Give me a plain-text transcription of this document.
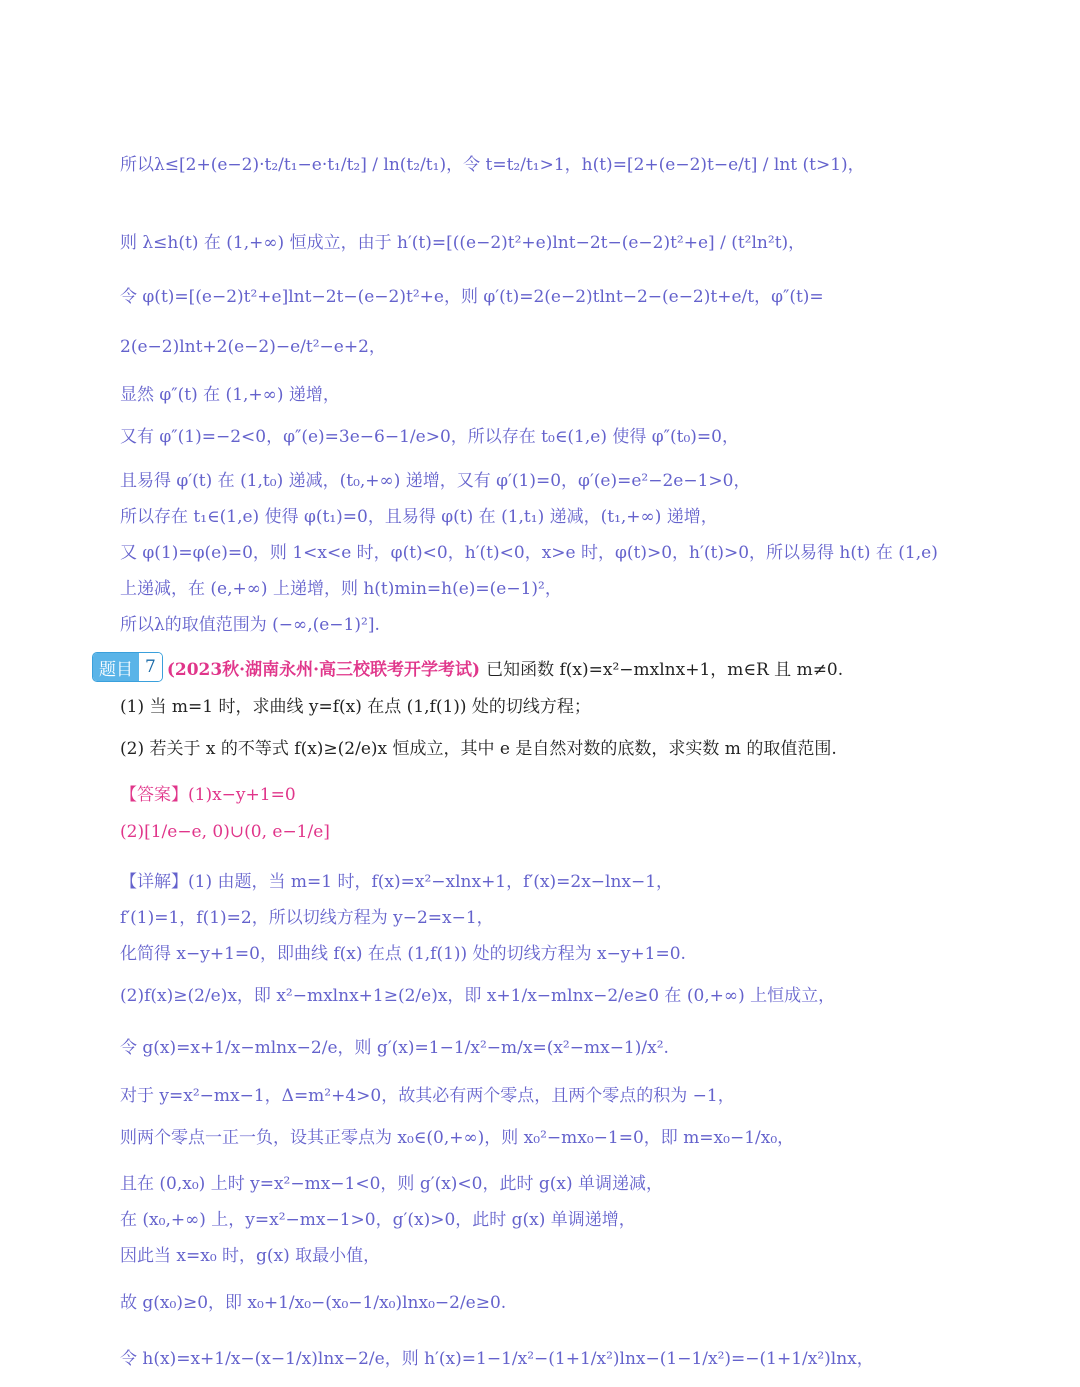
所以λ≤[2+(e−2)·t₂/t₁−e·t₁/t₂] / ln(t₂/t₁)，令 t=t₂/t₁>1，h(t)=[2+(e−2)t−e/t] / lnt (t>1)，
则 λ≤h(t) 在 (1,+∞) 恒成立，由于 h′(t)=[((e−2)t²+e)lnt−2t−(e−2)t²+e] / (t²ln²t)，
令 φ(t)=[(e−2)t²+e]lnt−2t−(e−2)t²+e，则 φ′(t)=2(e−2)tlnt−2−(e−2)t+e/t，φ″(t)=
2(e−2)lnt+2(e−2)−e/t²−e+2，
显然 φ″(t) 在 (1,+∞) 递增，
又有 φ″(1)=−2<0，φ″(e)=3e−6−1/e>0，所以存在 t₀∈(1,e) 使得 φ″(t₀)=0，
且易得 φ′(t) 在 (1,t₀) 递减，(t₀,+∞) 递增，又有 φ′(1)=0，φ′(e)=e²−2e−1>0，
所以存在 t₁∈(1,e) 使得 φ(t₁)=0，且易得 φ(t) 在 (1,t₁) 递减，(t₁,+∞) 递增，
又 φ(1)=φ(e)=0，则 1<x<e 时，φ(t)<0，h′(t)<0，x>e 时，φ(t)>0，h′(t)>0，所以易得 h(t) 在 (1,e)
上递减，在 (e,+∞) 上递增，则 h(t)min=h(e)=(e−1)²，
所以λ的取值范围为 (−∞,(e−1)²].
题目 7 (2023秋·湖南永州·高三校联考开学考试) 已知函数 f(x)=x²−mxlnx+1，m∈R 且 m≠0.
(1) 当 m=1 时，求曲线 y=f(x) 在点 (1,f(1)) 处的切线方程；
(2) 若关于 x 的不等式 f(x)≥(2/e)x 恒成立，其中 e 是自然对数的底数，求实数 m 的取值范围.
【答案】(1)x−y+1=0
(2)[1/e−e, 0)∪(0, e−1/e]
【详解】(1) 由题，当 m=1 时，f(x)=x²−xlnx+1，f′(x)=2x−lnx−1，
f′(1)=1，f(1)=2，所以切线方程为 y−2=x−1，
化简得 x−y+1=0，即曲线 f(x) 在点 (1,f(1)) 处的切线方程为 x−y+1=0.
(2)f(x)≥(2/e)x，即 x²−mxlnx+1≥(2/e)x，即 x+1/x−mlnx−2/e≥0 在 (0,+∞) 上恒成立，
令 g(x)=x+1/x−mlnx−2/e，则 g′(x)=1−1/x²−m/x=(x²−mx−1)/x².
对于 y=x²−mx−1，Δ=m²+4>0，故其必有两个零点，且两个零点的积为 −1，
则两个零点一正一负，设其正零点为 x₀∈(0,+∞)，则 x₀²−mx₀−1=0，即 m=x₀−1/x₀，
且在 (0,x₀) 上时 y=x²−mx−1<0，则 g′(x)<0，此时 g(x) 单调递减，
在 (x₀,+∞) 上，y=x²−mx−1>0，g′(x)>0，此时 g(x) 单调递增，
因此当 x=x₀ 时，g(x) 取最小值，
故 g(x₀)≥0，即 x₀+1/x₀−(x₀−1/x₀)lnx₀−2/e≥0.
令 h(x)=x+1/x−(x−1/x)lnx−2/e，则 h′(x)=1−1/x²−(1+1/x²)lnx−(1−1/x²)=−(1+1/x²)lnx，
